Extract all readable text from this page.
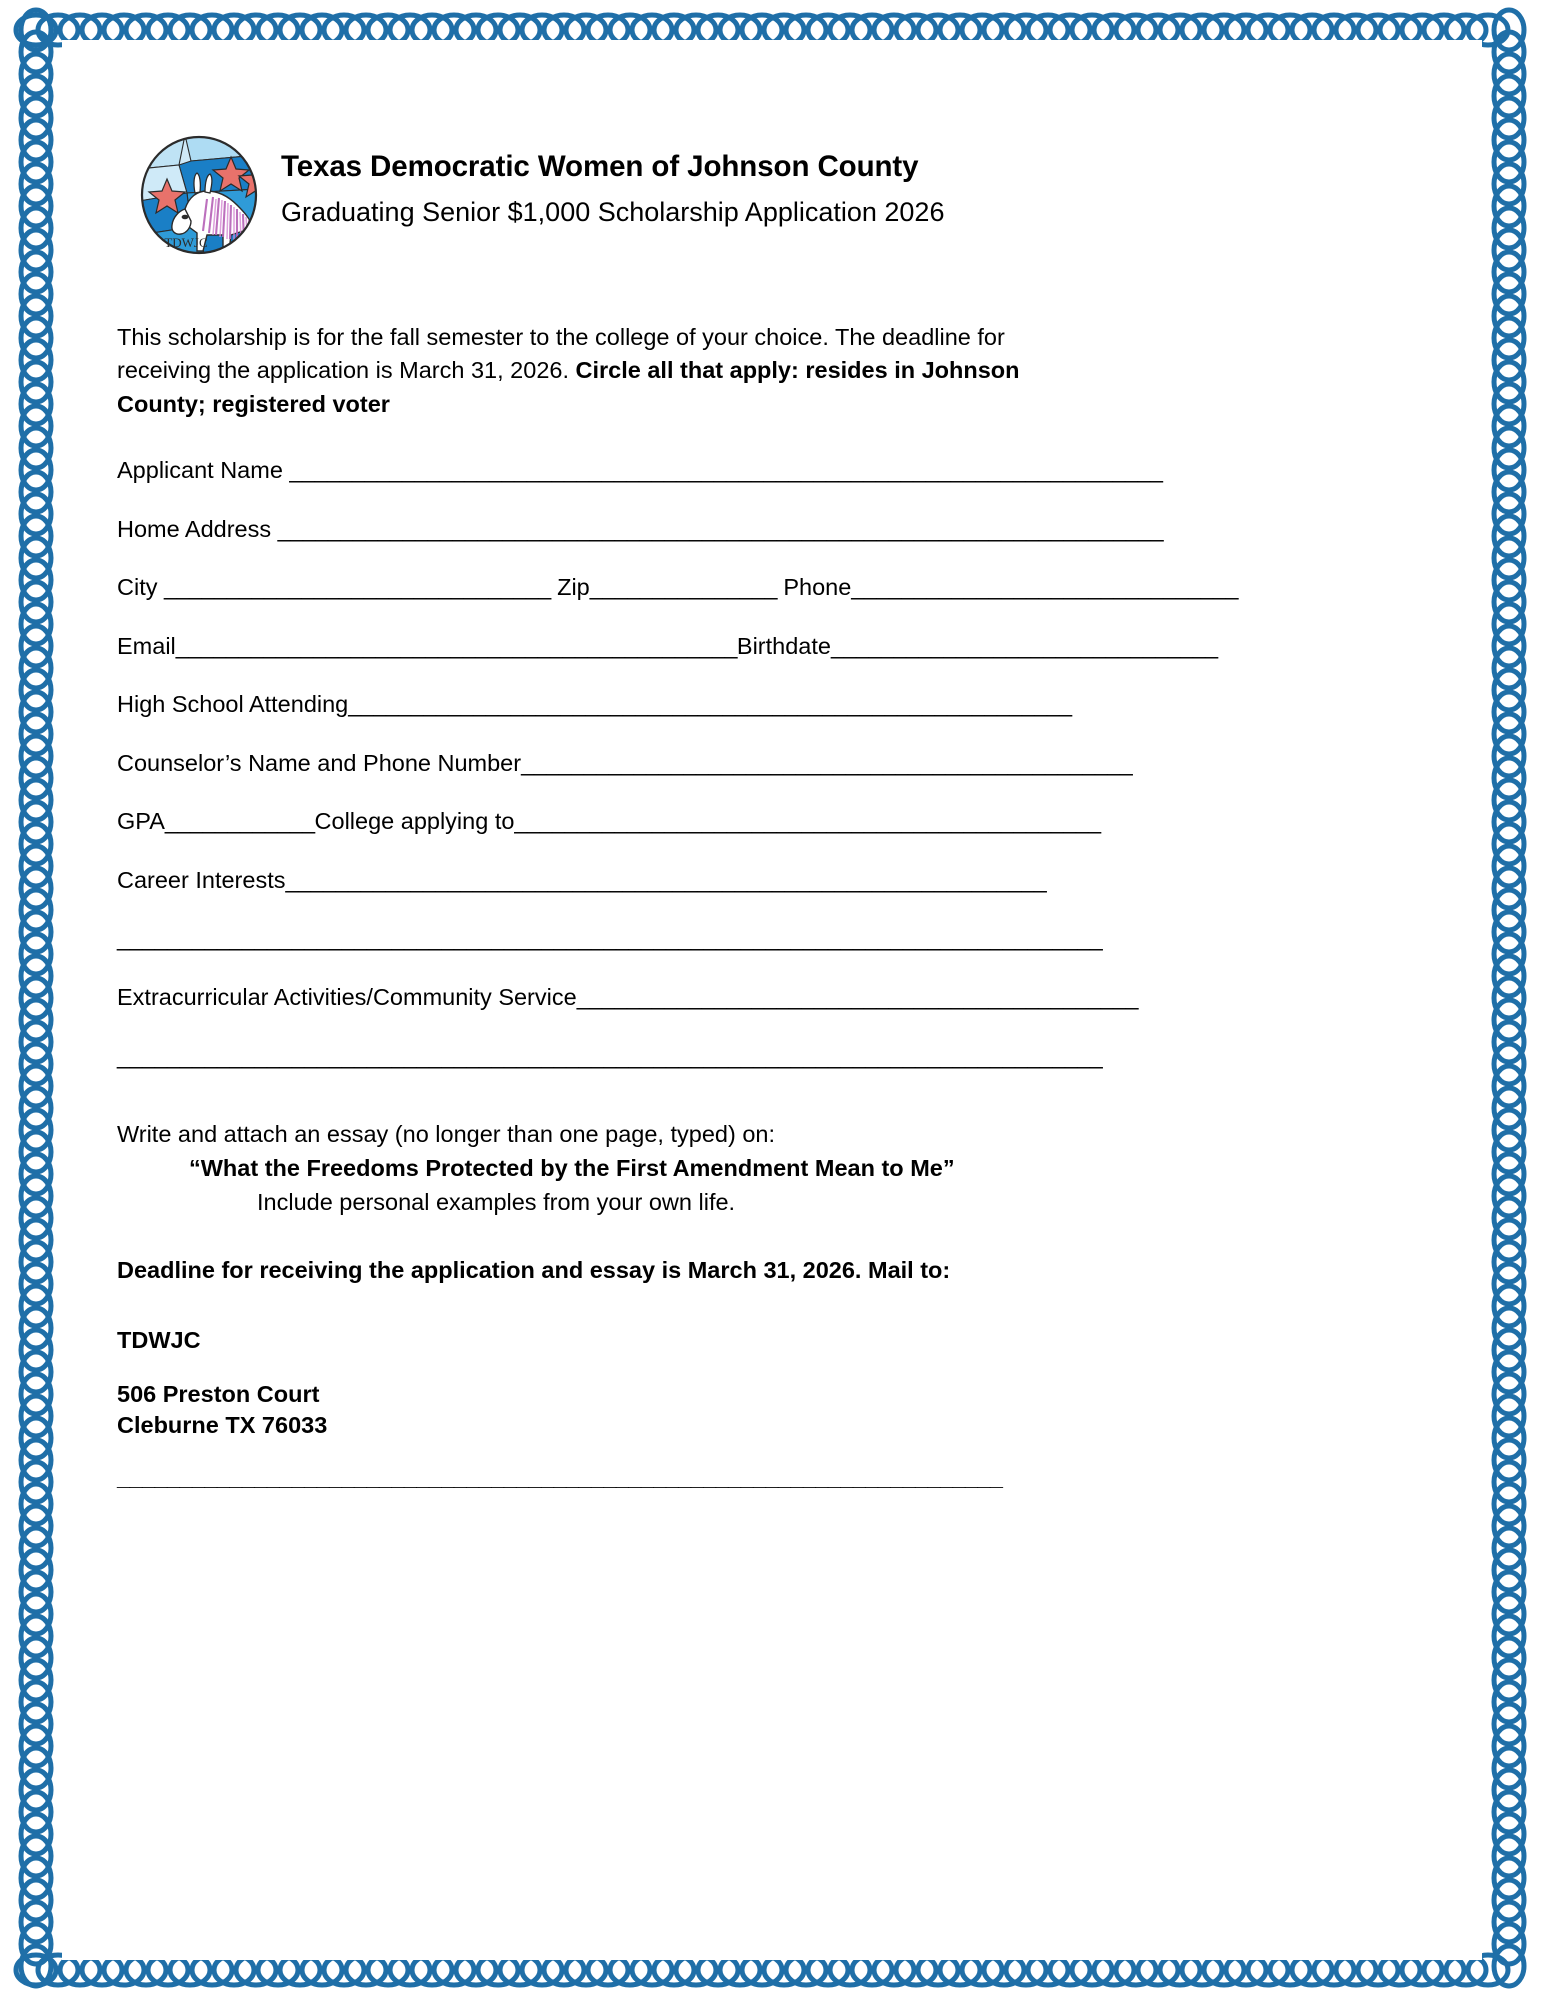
TDWJC
Texas Democratic Women of Johnson County
Graduating Senior $1,000 Scholarship Application 2026

This scholarship is for the fall semester to the college of your choice. The deadline for receiving the application is March 31, 2026. Circle all that apply: resides in Johnson County; registered voter

Applicant Name ______________________________________________________________________
Home Address _______________________________________________________________________
City _______________________________ Zip_______________ Phone_______________________________
Email_____________________________________________Birthdate_______________________________
High School Attending__________________________________________________________
Counselor’s Name and Phone Number_________________________________________________
GPA____________College applying to_______________________________________________
Career Interests_____________________________________________________________
_______________________________________________________________________________
Extracurricular Activities/Community Service_____________________________________________
_______________________________________________________________________________
Write and attach an essay (no longer than one page, typed) on:
“What the Freedoms Protected by the First Amendment Mean to Me”
Include personal examples from your own life.
Deadline for receiving the application and essay is March 31, 2026. Mail to:
TDWJC
506 Preston Court
Cleburne TX 76033
_______________________________________________________________________
